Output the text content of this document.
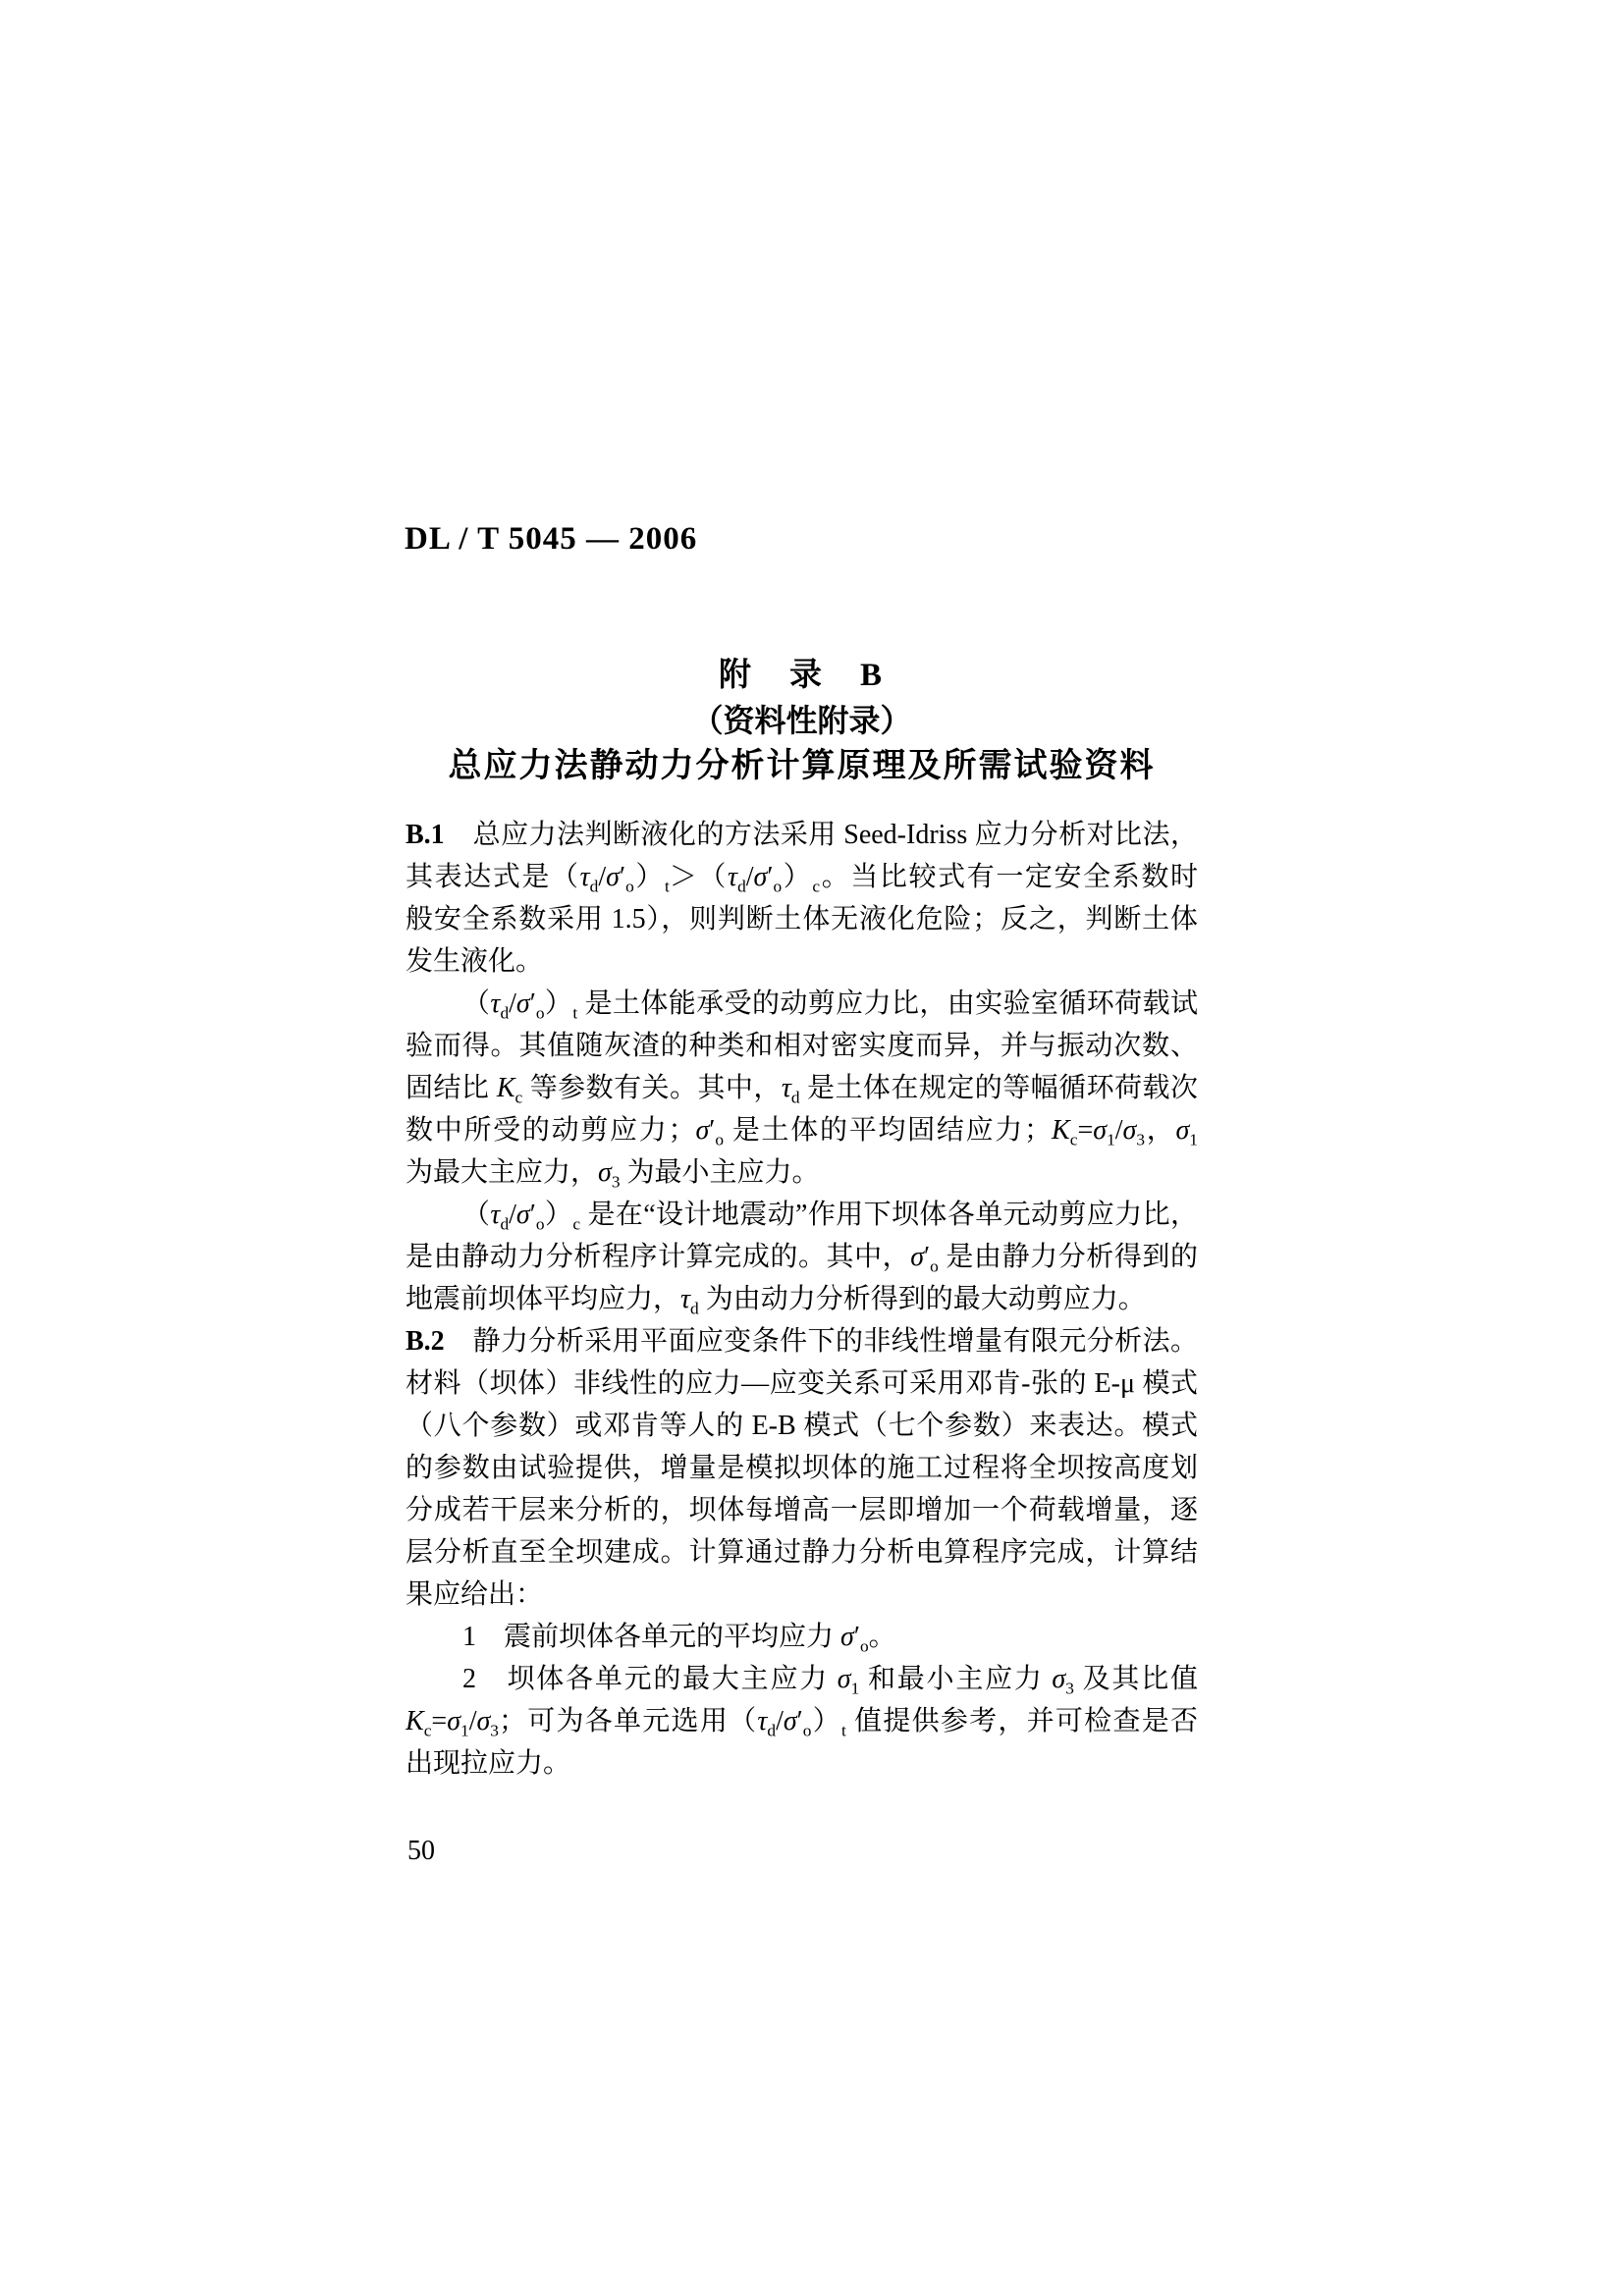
DL / T 5045 — 2006
附　录　B
（资料性附录）
总应力法静动力分析计算原理及所需试验资料
B.1　总应力法判断液化的方法采用 Seed-Idriss 应力分析对比法，
其表达式是$(\tau_d/\sigma'_o)_t>(\tau_d/\sigma'_o)_c$。当比较式有一定安全系数时
般安全系数采用 1.5），则判断土体无液化危险；反之，判断土体
发生液化。
$(\tau_d/\sigma'_o)_t$ 是土体能承受的动剪应力比，由实验室循环荷载试
验而得。其值随灰渣的种类和相对密实度而异，并与振动次数、
固结比 $K_c$ 等参数有关。其中，$\tau_d$ 是土体在规定的等幅循环荷载次
数中所受的动剪应力；$\sigma'_o$ 是土体的平均固结应力；$K_c=\sigma_1/\sigma_3$，$\sigma_1$
为最大主应力，$\sigma_3$ 为最小主应力。
$(\tau_d/\sigma'_o)_c$ 是在“设计地震动”作用下坝体各单元动剪应力比，
是由静动力分析程序计算完成的。其中，$\sigma'_o$ 是由静力分析得到的
地震前坝体平均应力，$\tau_d$ 为由动力分析得到的最大动剪应力。
B.2　静力分析采用平面应变条件下的非线性增量有限元分析法。
材料（坝体）非线性的应力—应变关系可采用邓肯-张的 E-μ 模式
（八个参数）或邓肯等人的 E-B 模式（七个参数）来表达。模式
的参数由试验提供，增量是模拟坝体的施工过程将全坝按高度划
分成若干层来分析的，坝体每增高一层即增加一个荷载增量，逐
层分析直至全坝建成。计算通过静力分析电算程序完成，计算结
果应给出：
1　震前坝体各单元的平均应力 $\sigma'_o$。
2　坝体各单元的最大主应力 $\sigma_1$ 和最小主应力 $\sigma_3$ 及其比值
$K_c=\sigma_1/\sigma_3$；可为各单元选用$(\tau_d/\sigma'_o)_t$ 值提供参考，并可检查是否
出现拉应力。
50
